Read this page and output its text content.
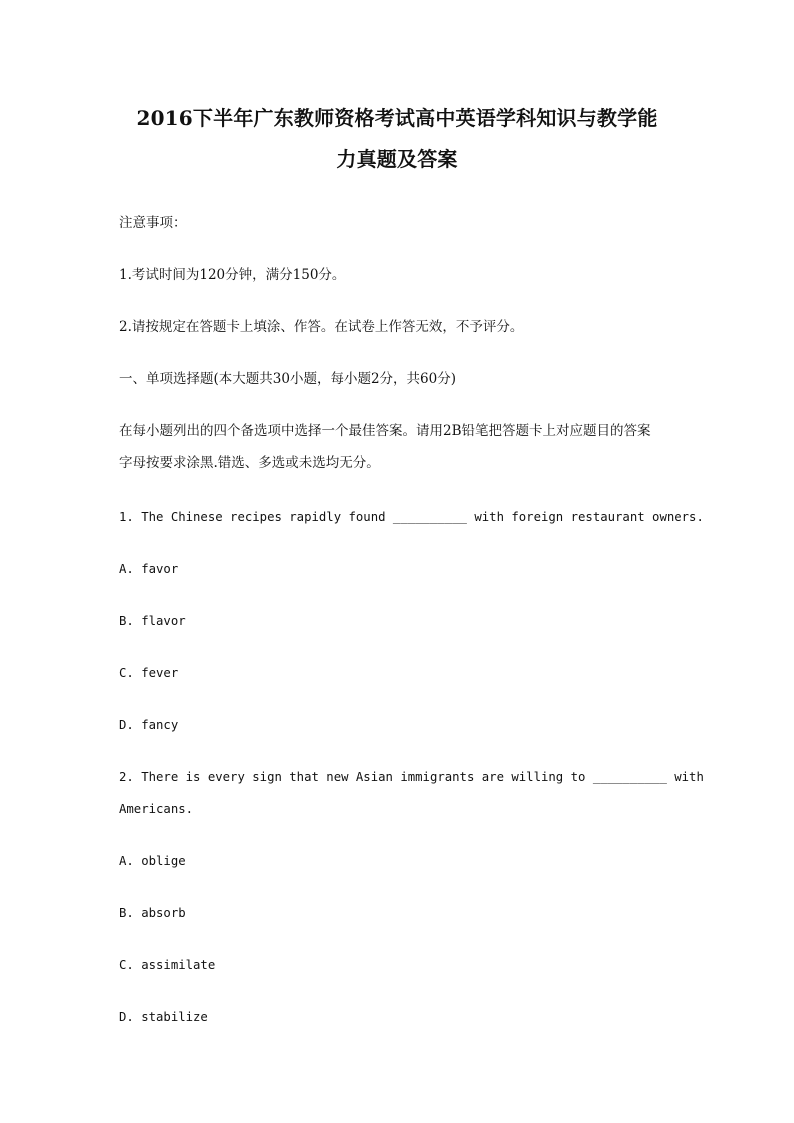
2016下半年广东教师资格考试高中英语学科知识与教学能
力真题及答案
注意事项：
1.考试时间为120分钟，满分150分。
2.请按规定在答题卡上填涂、作答。在试卷上作答无效，不予评分。
一、单项选择题(本大题共30小题，每小题2分，共60分)
在每小题列出的四个备选项中选择一个最佳答案。请用2B铅笔把答题卡上对应题目的答案
字母按要求涂黑.错选、多选或未选均无分。
1. The Chinese recipes rapidly found __________ with foreign restaurant owners.
A. favor
B. flavor
C. fever
D. fancy
2. There is every sign that new Asian immigrants are willing to __________ with
Americans.
A. oblige
B. absorb
C. assimilate
D. stabilize
